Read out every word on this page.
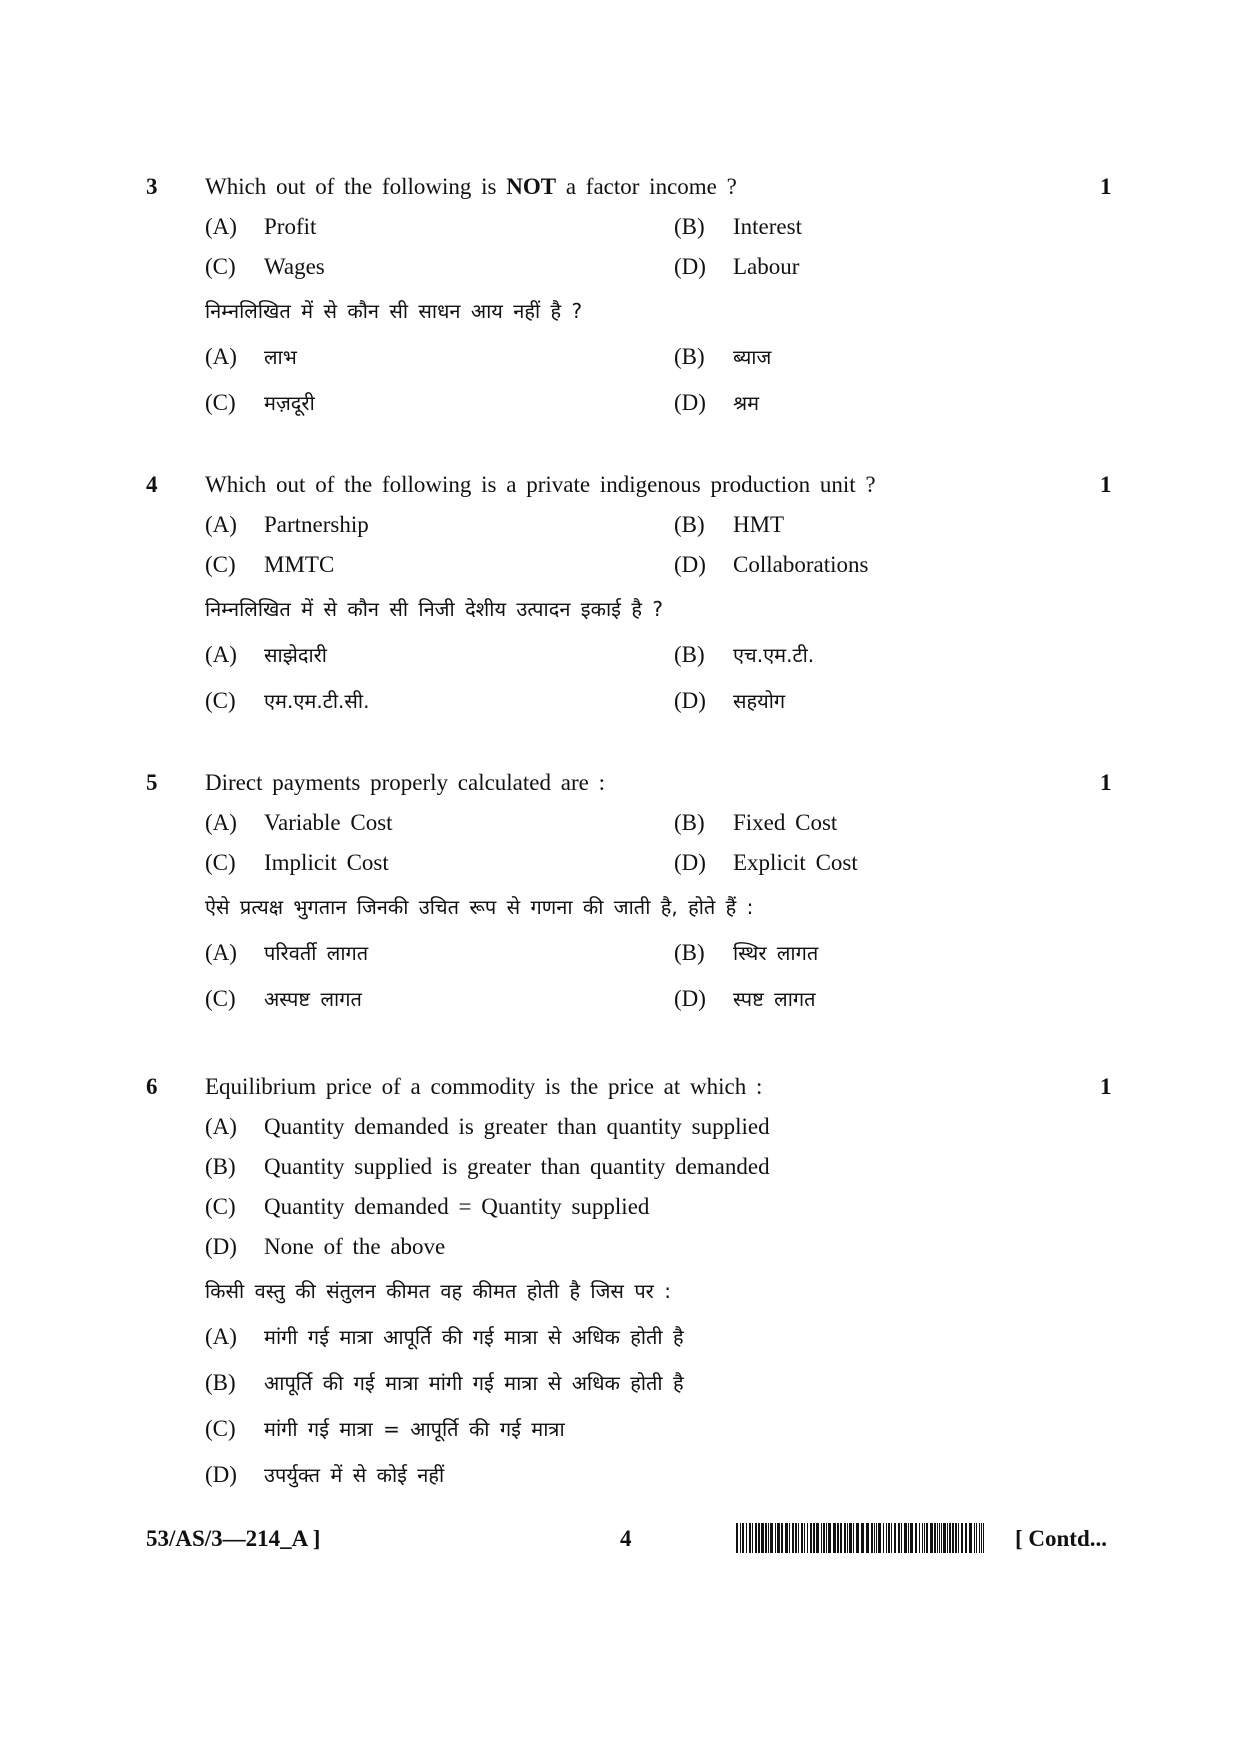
3 Which out of the following is NOT a factor income ?	1
(A) Profit	(B) Interest
(C) Wages	(D) Labour
निम्नलिखित में से कौन सी साधन आय नहीं है ?
(A) लाभ	(B) ब्याज
(C) मज़दूरी	(D) श्रम
4 Which out of the following is a private indigenous production unit ?	1
(A) Partnership	(B) HMT
(C) MMTC	(D) Collaborations
निम्नलिखित में से कौन सी निजी देशीय उत्पादन इकाई है ?
(A) साझेदारी	(B) एच.एम.टी.
(C) एम.एम.टी.सी.	(D) सहयोग
5 Direct payments properly calculated are :	1
(A) Variable Cost	(B) Fixed Cost
(C) Implicit Cost	(D) Explicit Cost
ऐसे प्रत्यक्ष भुगतान जिनकी उचित रूप से गणना की जाती है, होते हैं :
(A) परिवर्ती लागत	(B) स्थिर लागत
(C) अस्पष्ट लागत	(D) स्पष्ट लागत
6 Equilibrium price of a commodity is the price at which :	1
(A) Quantity demanded is greater than quantity supplied
(B) Quantity supplied is greater than quantity demanded
(C) Quantity demanded = Quantity supplied
(D) None of the above
किसी वस्तु की संतुलन कीमत वह कीमत होती है जिस पर :
(A) मांगी गई मात्रा आपूर्ति की गई मात्रा से अधिक होती है
(B) आपूर्ति की गई मात्रा मांगी गई मात्रा से अधिक होती है
(C) मांगी गई मात्रा = आपूर्ति की गई मात्रा
(D) उपर्युक्त में से कोई नहीं
53/AS/3—214_A ]	4	[ Contd...
